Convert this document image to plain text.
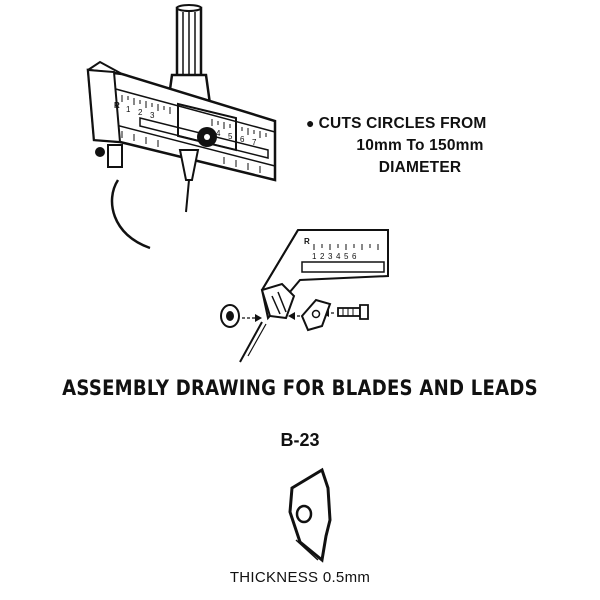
R 1 2 3
4 5 6 7
R
1 2 3 4 5 6
● CUTS CIRCLES FROM
10mm To 150mm
DIAMETER
ASSEMBLY DRAWING FOR BLADES AND LEADS
B-23
THICKNESS 0.5mm
